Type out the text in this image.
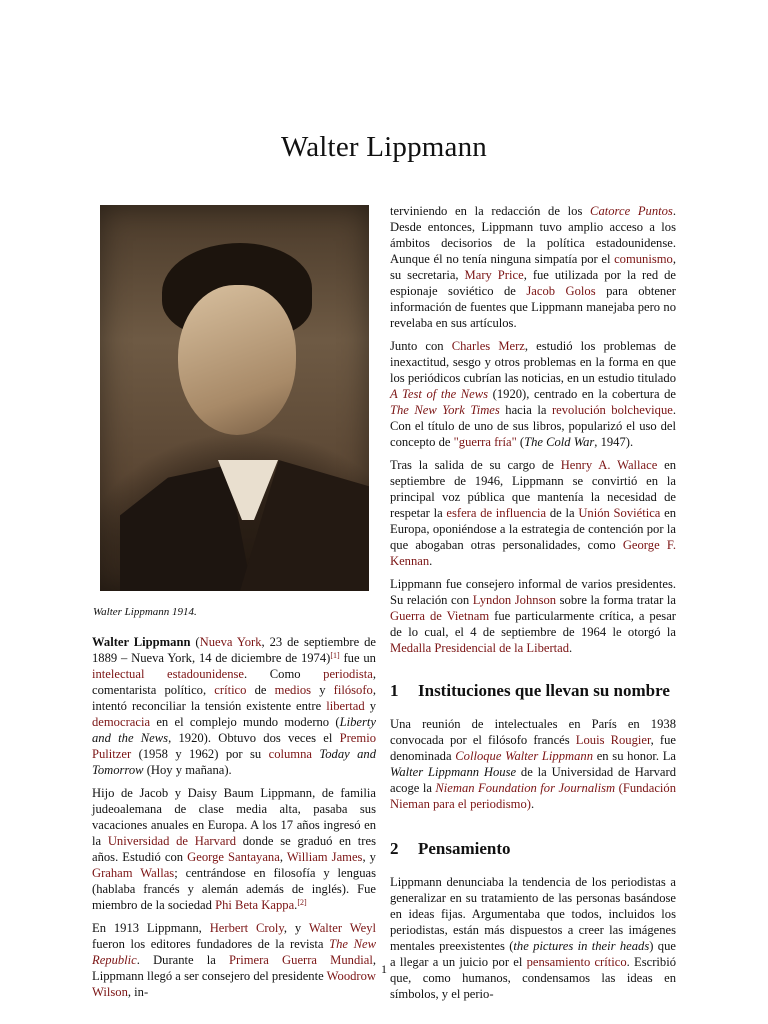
Walter Lippmann
Walter Lippmann 1914.

Walter Lippmann (Nueva York, 23 de septiembre de 1889 – Nueva York, 14 de diciembre de 1974)[1] fue un intelectual estadounidense. Como periodista, comentarista político, crítico de medios y filósofo, intentó reconciliar la tensión existente entre libertad y democracia en el complejo mundo moderno (Liberty and the News, 1920). Obtuvo dos veces el Premio Pulitzer (1958 y 1962) por su columna Today and Tomorrow (Hoy y mañana).

Hijo de Jacob y Daisy Baum Lippmann, de familia judeoalemana de clase media alta, pasaba sus vacaciones anuales en Europa. A los 17 años ingresó en la Universidad de Harvard donde se graduó en tres años. Estudió con George Santayana, William James, y Graham Wallas; centrándose en filosofía y lenguas (hablaba francés y alemán además de inglés). Fue miembro de la sociedad Phi Beta Kappa.[2]

En 1913 Lippmann, Herbert Croly, y Walter Weyl fueron los editores fundadores de la revista The New Republic. Durante la Primera Guerra Mundial, Lippmann llegó a ser consejero del presidente Woodrow Wilson, in-

terviniendo en la redacción de los Catorce Puntos. Desde entonces, Lippmann tuvo amplio acceso a los ámbitos decisorios de la política estadounidense. Aunque él no tenía ninguna simpatía por el comunismo, su secretaria, Mary Price, fue utilizada por la red de espionaje soviético de Jacob Golos para obtener información de fuentes que Lippmann manejaba pero no revelaba en sus artículos.

Junto con Charles Merz, estudió los problemas de inexactitud, sesgo y otros problemas en la forma en que los periódicos cubrían las noticias, en un estudio titulado A Test of the News (1920), centrado en la cobertura de The New York Times hacia la revolución bolchevique. Con el título de uno de sus libros, popularizó el uso del concepto de "guerra fría" (The Cold War, 1947).

Tras la salida de su cargo de Henry A. Wallace en septiembre de 1946, Lippmann se convirtió en la principal voz pública que mantenía la necesidad de respetar la esfera de influencia de la Unión Soviética en Europa, oponiéndose a la estrategia de contención por la que abogaban otras personalidades, como George F. Kennan.

Lippmann fue consejero informal de varios presidentes. Su relación con Lyndon Johnson sobre la forma tratar la Guerra de Vietnam fue particularmente crítica, a pesar de lo cual, el 4 de septiembre de 1964 le otorgó la Medalla Presidencial de la Libertad.

1	Instituciones que llevan su nombre

Una reunión de intelectuales en París en 1938 convocada por el filósofo francés Louis Rougier, fue denominada Colloque Walter Lippmann en su honor. La Walter Lippmann House de la Universidad de Harvard acoge la Nieman Foundation for Journalism (Fundación Nieman para el periodismo).

2	Pensamiento

Lippmann denunciaba la tendencia de los periodistas a generalizar en su tratamiento de las personas basándose en ideas fijas. Argumentaba que todos, incluidos los periodistas, están más dispuestos a creer las imágenes mentales preexistentes (the pictures in their heads) que a llegar a un juicio por el pensamiento crítico. Escribió que, como humanos, condensamos las ideas en símbolos, y el perio-

1
